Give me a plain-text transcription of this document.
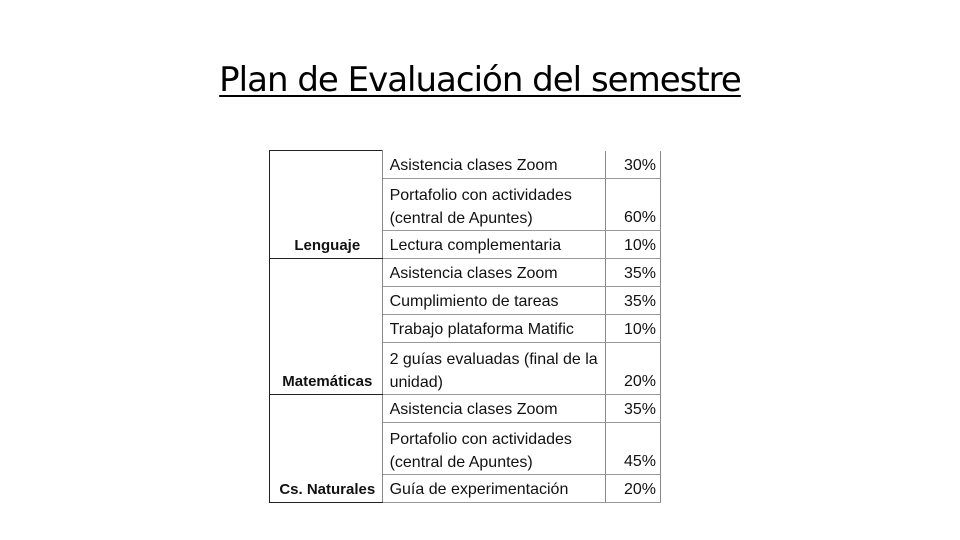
Plan de Evaluación del semestre
Lenguaje	Asistencia clases Zoom	30%
	Portafolio con actividades (central de Apuntes)	60%
	Lectura complementaria	10%
Matemáticas	Asistencia clases Zoom	35%
	Cumplimiento de tareas	35%
	Trabajo plataforma Matific	10%
	2 guías evaluadas (final de la unidad)	20%
Cs. Naturales	Asistencia clases Zoom	35%
	Portafolio con actividades (central de Apuntes)	45%
	Guía de experimentación	20%
